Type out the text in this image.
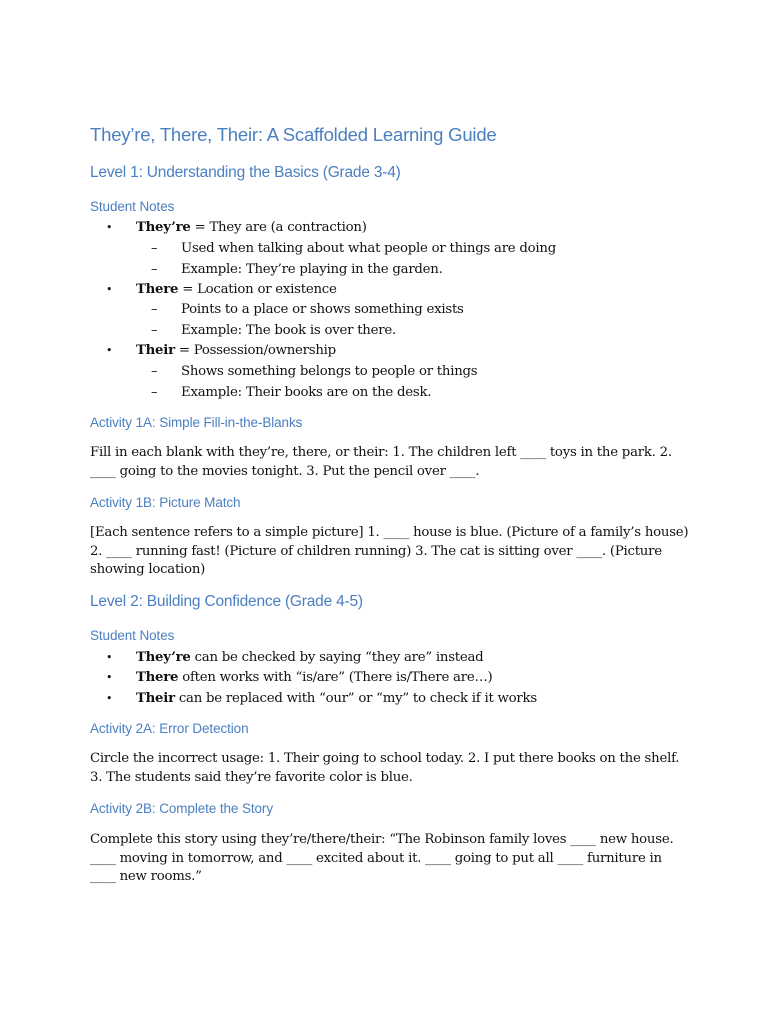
They’re, There, Their: A Scaffolded Learning Guide
Level 1: Understanding the Basics (Grade 3-4)
Student Notes
• They’re = They are (a contraction)
– Used when talking about what people or things are doing
– Example: They’re playing in the garden.
• There = Location or existence
– Points to a place or shows something exists
– Example: The book is over there.
• Their = Possession/ownership
– Shows something belongs to people or things
– Example: Their books are on the desk.
Activity 1A: Simple Fill-in-the-Blanks
Fill in each blank with they’re, there, or their: 1. The children left ____ toys in the park. 2. ____ going to the movies tonight. 3. Put the pencil over ____.
Activity 1B: Picture Match
[Each sentence refers to a simple picture] 1. ____ house is blue. (Picture of a family’s house) 2. ____ running fast! (Picture of children running) 3. The cat is sitting over ____. (Picture showing location)
Level 2: Building Confidence (Grade 4-5)
Student Notes
• They’re can be checked by saying “they are” instead
• There often works with “is/are” (There is/There are…)
• Their can be replaced with “our” or “my” to check if it works
Activity 2A: Error Detection
Circle the incorrect usage: 1. Their going to school today. 2. I put there books on the shelf. 3. The students said they’re favorite color is blue.
Activity 2B: Complete the Story
Complete this story using they’re/there/their: “The Robinson family loves ____ new house. ____ moving in tomorrow, and ____ excited about it. ____ going to put all ____ furniture in ____ new rooms.”
